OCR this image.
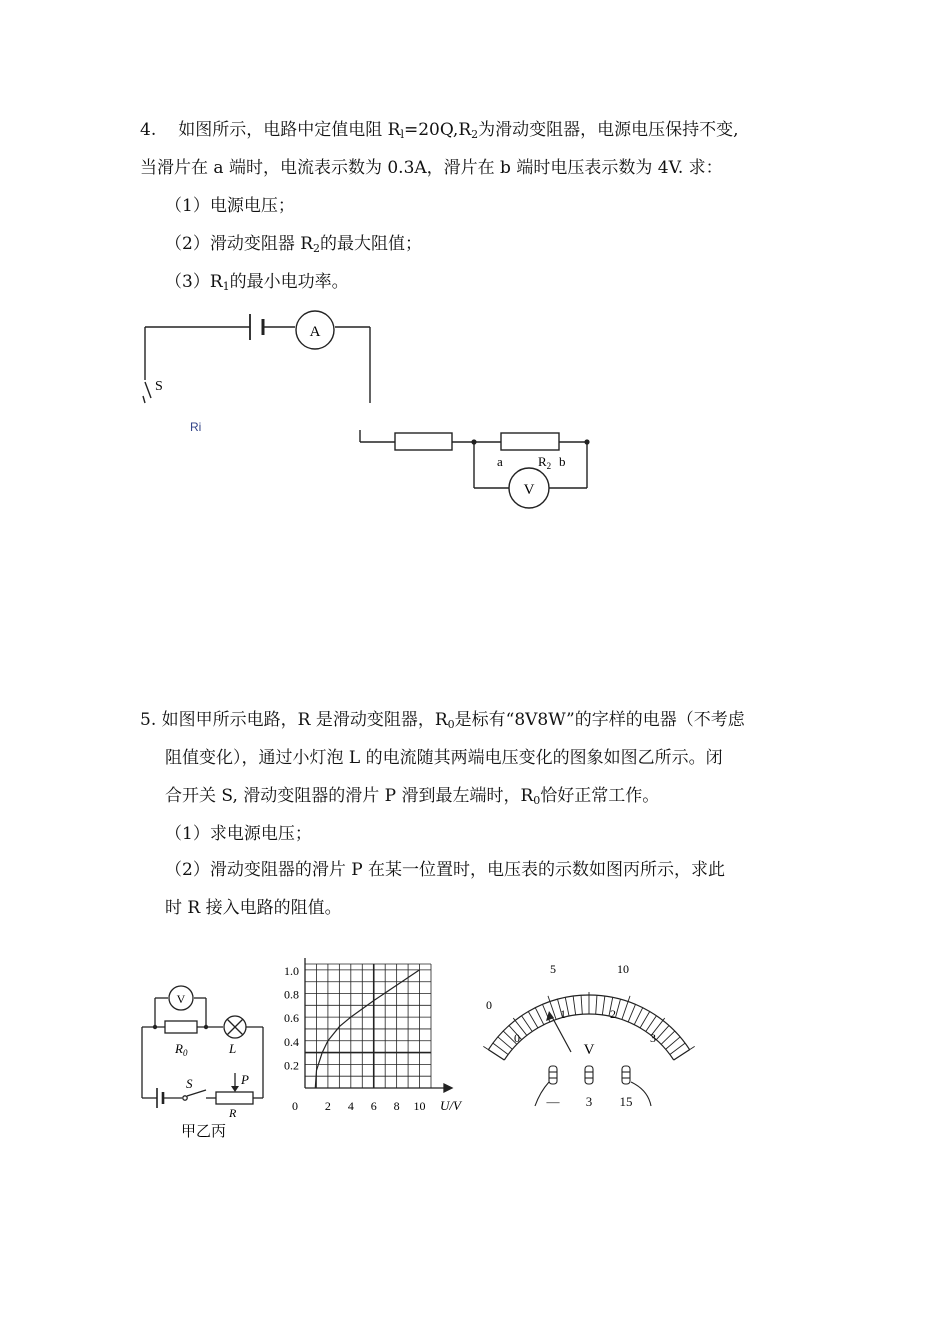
4. 如图所示，电路中定值电阻 $R_l=20Q,R_2$为滑动变阻器，电源电压保持不变,
当滑片在 a 端时，电流表示数为 0.3A，滑片在 b 端时电压表示数为 4V. 求：
（1）电源电压；
（2）滑动变阻器 $R_2$的最大阻值；
$(3)R_1$的最小电功率。
A
V
S
Ri
a	$R_2$ b
5. 如图甲所示电路，R 是滑动变阻器，$R_0$是标有“8V8W”的字样的电器（不考虑
阻值变化），通过小灯泡 L 的电流随其两端电压变化的图象如图乙所示。闭
合开关 S, 滑动变阻器的滑片 P 滑到最左端时，$R_0$恰好正常工作。
（1）求电源电压；
（2）滑动变阻器的滑片 P 在某一位置时，电压表的示数如图丙所示，求此
时 R 接入电路的阻值。
V
$R_0$	L
S	P
R
甲乙丙
0.2
0.4
0.6
0.8
1.0
0 2 4 6 8 10 U/V
0
5	10
0
1	2
3
V
— 3 15
